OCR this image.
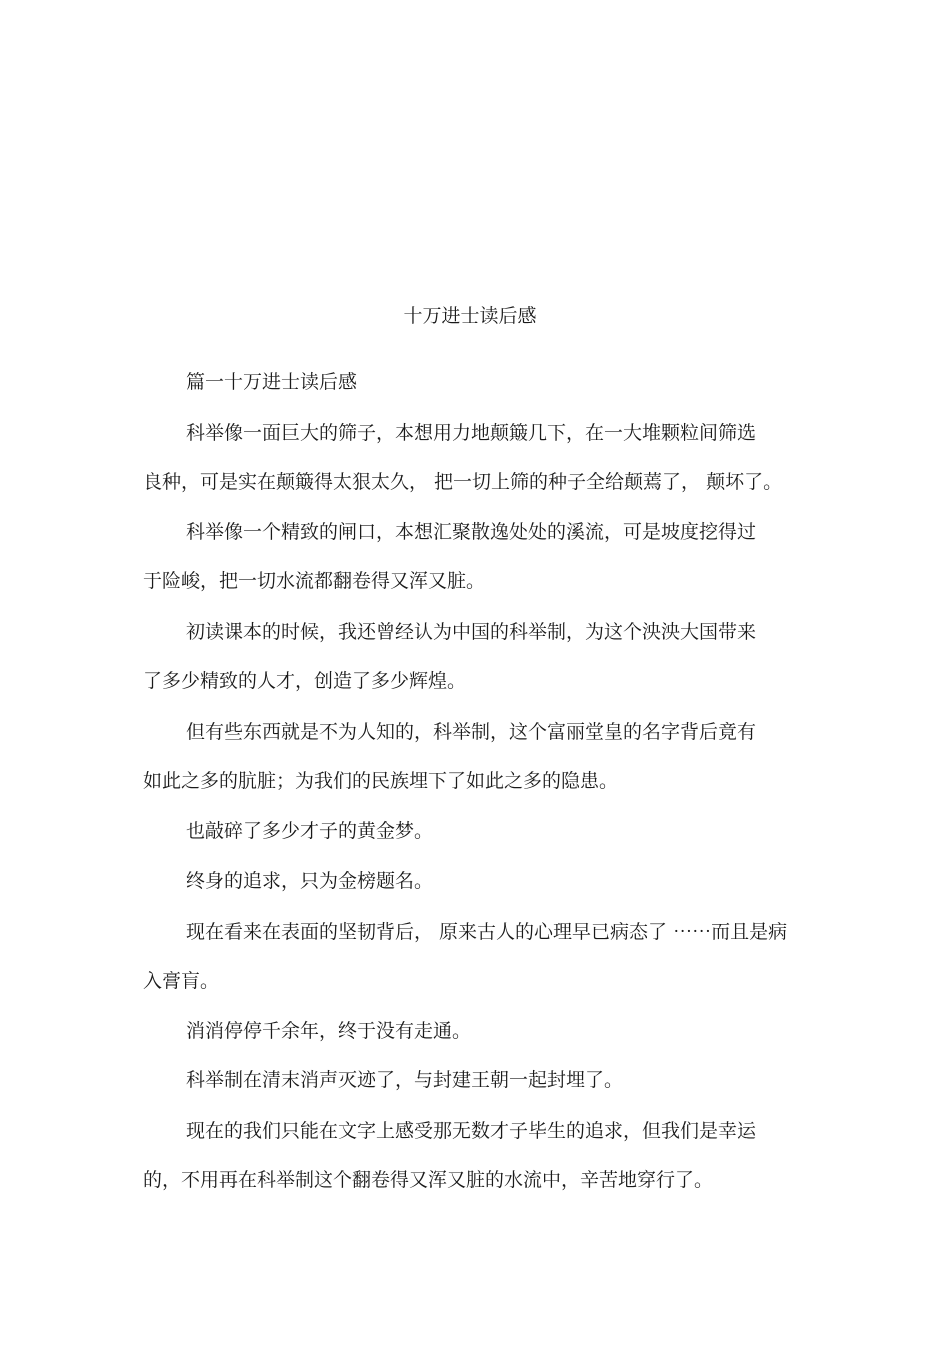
十万进士读后感

篇一十万进士读后感

科举像一面巨大的筛子，本想用力地颠簸几下，在一大堆颗粒间筛选

良种，可是实在颠簸得太狠太久， 把一切上筛的种子全给颠蔫了， 颠坏了。

科举像一个精致的闸口，本想汇聚散逸处处的溪流，可是坡度挖得过

于险峻，把一切水流都翻卷得又浑又脏。

初读课本的时候，我还曾经认为中国的科举制，为这个泱泱大国带来

了多少精致的人才，创造了多少辉煌。

但有些东西就是不为人知的，科举制，这个富丽堂皇的名字背后竟有

如此之多的肮脏；为我们的民族埋下了如此之多的隐患。

也敲碎了多少才子的黄金梦。

终身的追求，只为金榜题名。

现在看来在表面的坚韧背后， 原来古人的心理早已病态了 ⋯⋯而且是病

入膏肓。

消消停停千余年，终于没有走通。

科举制在清末消声灭迹了，与封建王朝一起封埋了。

现在的我们只能在文字上感受那无数才子毕生的追求，但我们是幸运

的，不用再在科举制这个翻卷得又浑又脏的水流中，辛苦地穿行了。
